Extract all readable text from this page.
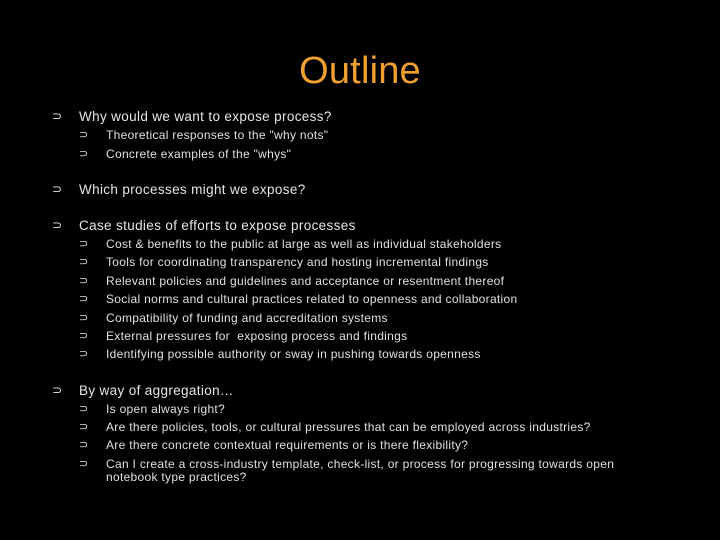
Outline
⊃	Why would we want to expose process?
⊃	Theoretical responses to the "why nots"
⊃	Concrete examples of the "whys"
⊃	Which processes might we expose?
⊃	Case studies of efforts to expose processes
⊃	Cost & benefits to the public at large as well as individual stakeholders
⊃	Tools for coordinating transparency and hosting incremental findings
⊃	Relevant policies and guidelines and acceptance or resentment thereof
⊃	Social norms and cultural practices related to openness and collaboration
⊃	Compatibility of funding and accreditation systems
⊃	External pressures for  exposing process and findings
⊃	Identifying possible authority or sway in pushing towards openness
⊃	By way of aggregation…
⊃	Is open always right?
⊃	Are there policies, tools, or cultural pressures that can be employed across industries?
⊃	Are there concrete contextual requirements or is there flexibility?
⊃	Can I create a cross-industry template, check-list, or process for progressing towards open notebook type practices?
